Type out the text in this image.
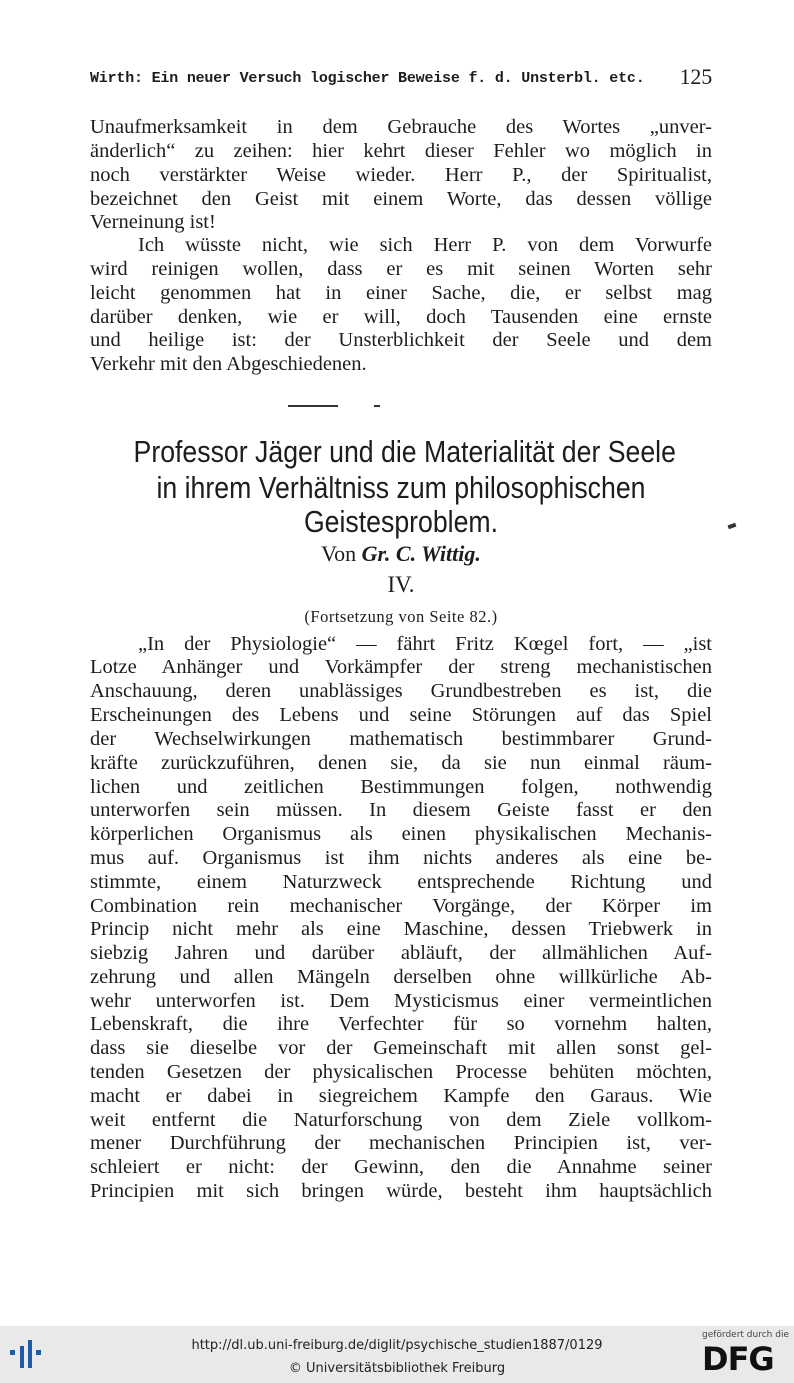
Wirth: Ein neuer Versuch logischer Beweise f. d. Unsterbl. etc. 125
Unaufmerksamkeit in dem Gebrauche des Wortes „unver-
änderlich“ zu zeihen: hier kehrt dieser Fehler wo möglich in
noch verstärkter Weise wieder. Herr P., der Spiritualist,
bezeichnet den Geist mit einem Worte, das dessen völlige
Verneinung ist!
Ich wüsste nicht, wie sich Herr P. von dem Vorwurfe
wird reinigen wollen, dass er es mit seinen Worten sehr
leicht genommen hat in einer Sache, die, er selbst mag
darüber denken, wie er will, doch Tausenden eine ernste
und heilige ist: der Unsterblichkeit der Seele und dem
Verkehr mit den Abgeschiedenen.
Professor Jäger und die Materialität der Seele
in ihrem Verhältniss zum philosophischen
Geistesproblem.
Von Gr. C. Wittig.
IV.
(Fortsetzung von Seite 82.)
„In der Physiologie“ — fährt Fritz Kœgel fort, — „ist
Lotze Anhänger und Vorkämpfer der streng mechanistischen
Anschauung, deren unablässiges Grundbestreben es ist, die
Erscheinungen des Lebens und seine Störungen auf das Spiel
der Wechselwirkungen mathematisch bestimmbarer Grund-
kräfte zurückzuführen, denen sie, da sie nun einmal räum-
lichen und zeitlichen Bestimmungen folgen, nothwendig
unterworfen sein müssen. In diesem Geiste fasst er den
körperlichen Organismus als einen physikalischen Mechanis-
mus auf. Organismus ist ihm nichts anderes als eine be-
stimmte, einem Naturzweck entsprechende Richtung und
Combination rein mechanischer Vorgänge, der Körper im
Princip nicht mehr als eine Maschine, dessen Triebwerk in
siebzig Jahren und darüber abläuft, der allmählichen Auf-
zehrung und allen Mängeln derselben ohne willkürliche Ab-
wehr unterworfen ist. Dem Mysticismus einer vermeintlichen
Lebenskraft, die ihre Verfechter für so vornehm halten,
dass sie dieselbe vor der Gemeinschaft mit allen sonst gel-
tenden Gesetzen der physicalischen Processe behüten möchten,
macht er dabei in siegreichem Kampfe den Garaus. Wie
weit entfernt die Naturforschung von dem Ziele vollkom-
mener Durchführung der mechanischen Principien ist, ver-
schleiert er nicht: der Gewinn, den die Annahme seiner
Principien mit sich bringen würde, besteht ihm hauptsächlich
http://dl.ub.uni-freiburg.de/diglit/psychische_studien1887/0129
© Universitätsbibliothek Freiburg
gefördert durch die
DFG
